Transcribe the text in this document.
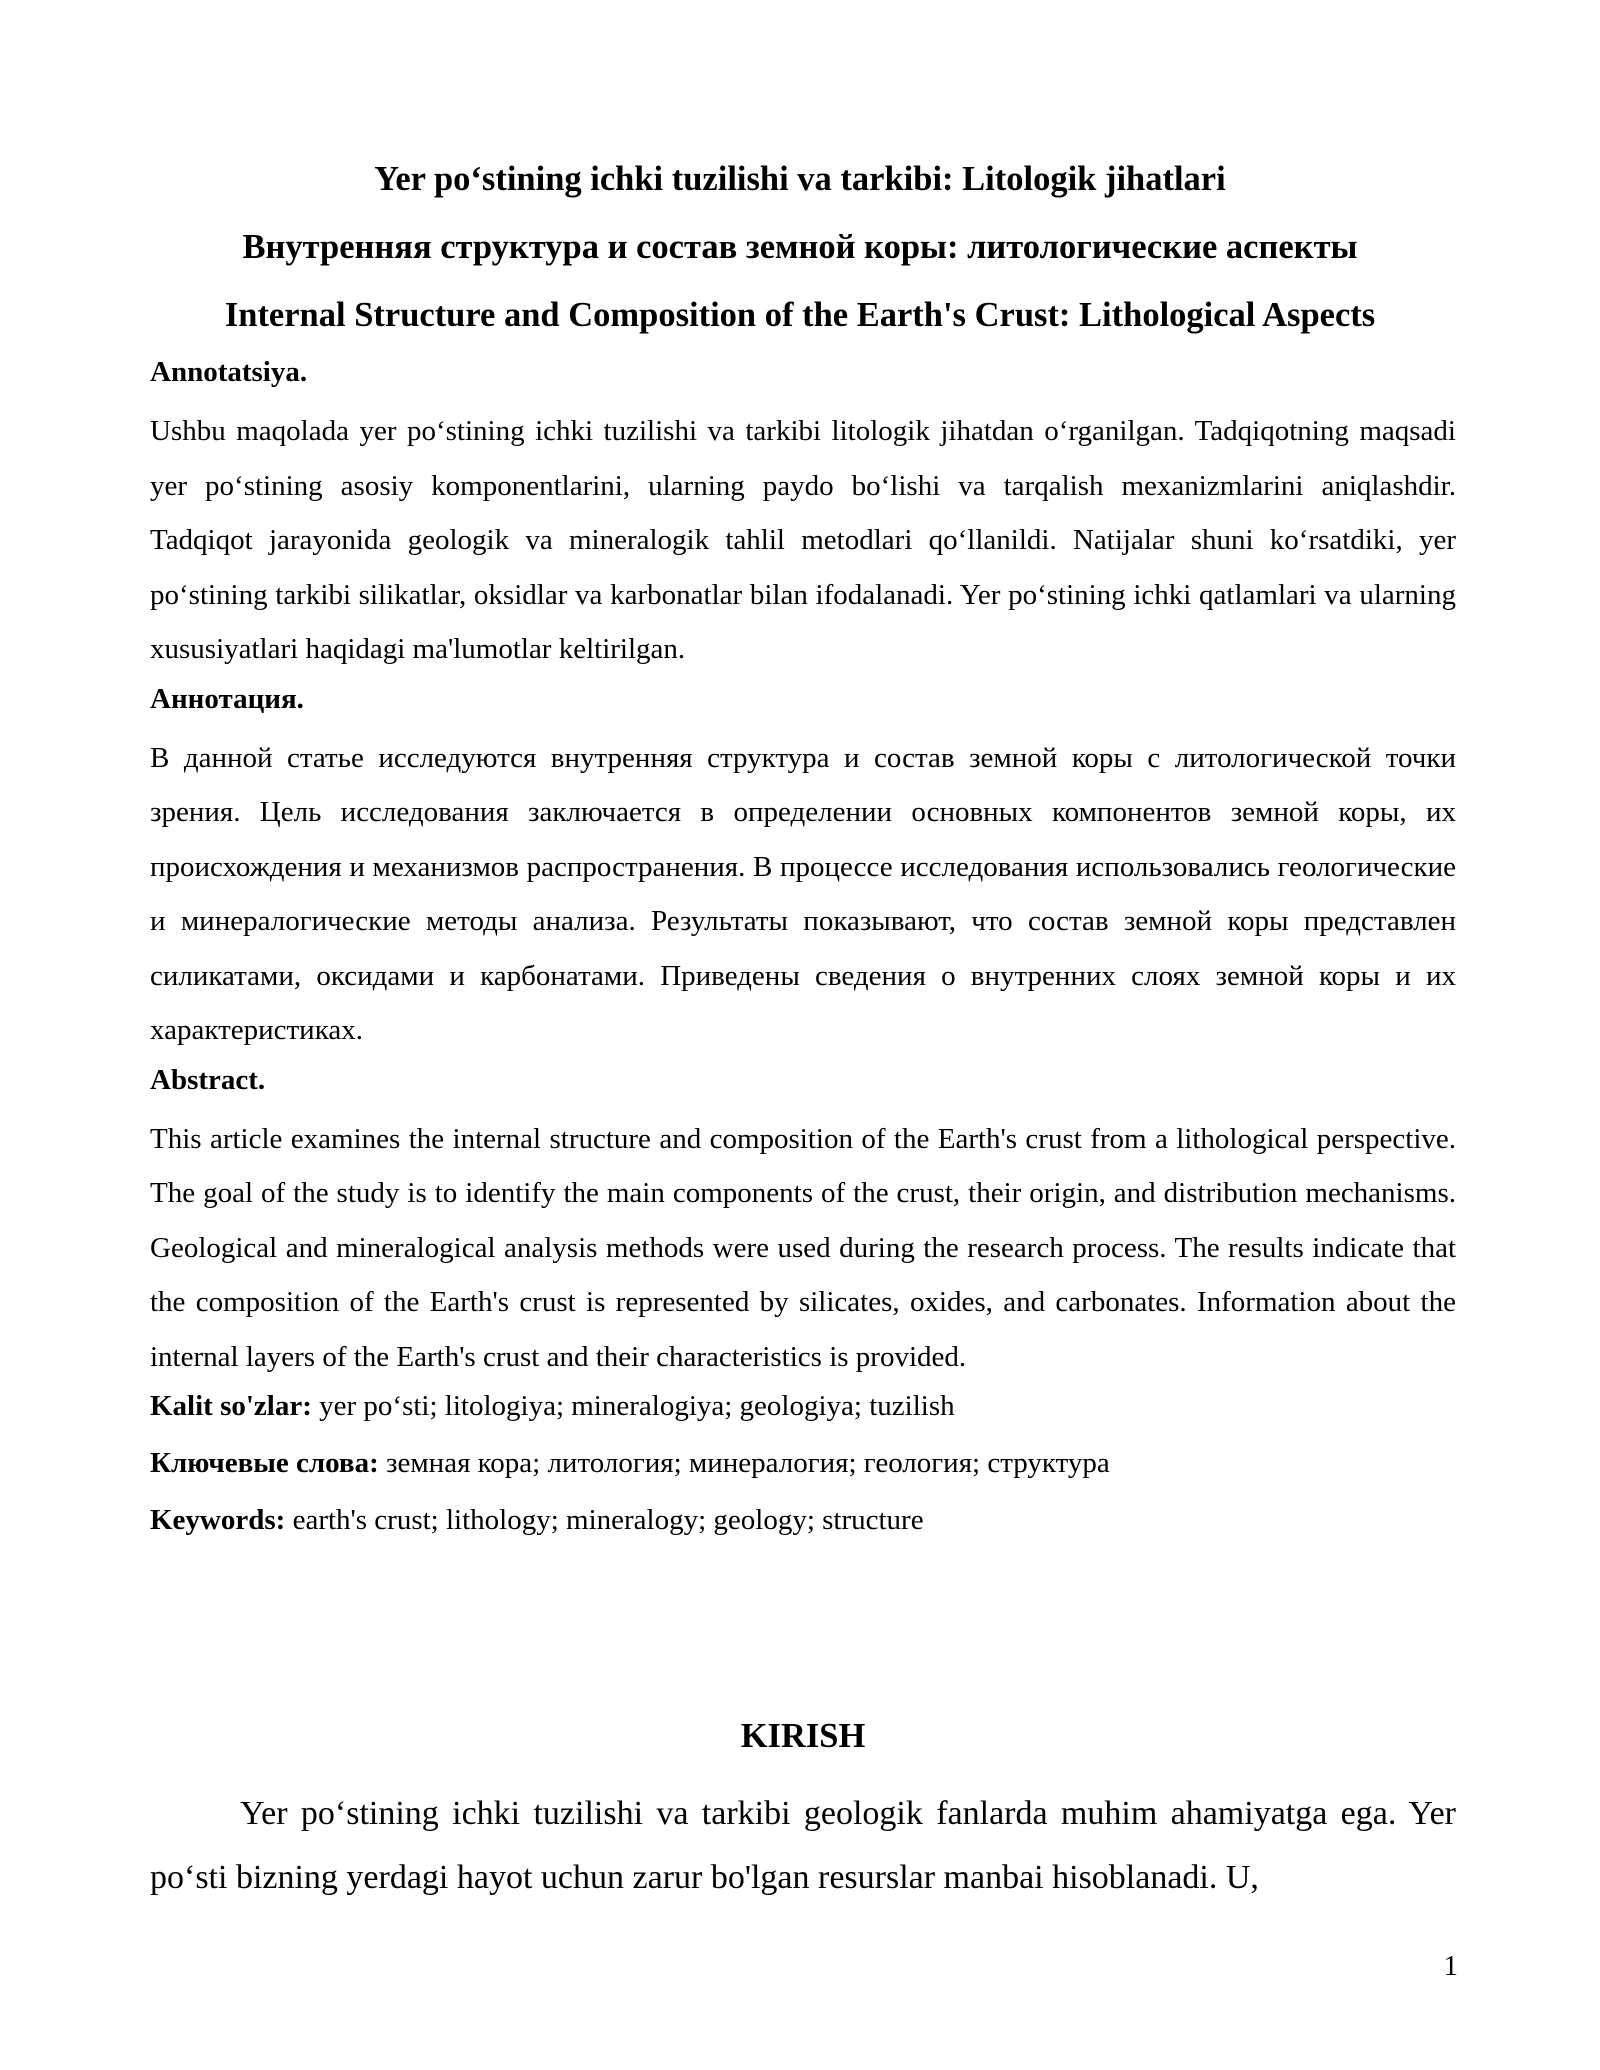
Yer po‘stining ichki tuzilishi va tarkibi: Litologik jihatlari

Внутренняя структура и состав земной коры: литологические аспекты

Internal Structure and Composition of the Earth's Crust: Lithological Aspects

Annotatsiya.

Ushbu maqolada yer po‘stining ichki tuzilishi va tarkibi litologik jihatdan o‘rganilgan. Tadqiqotning maqsadi yer po‘stining asosiy komponentlarini, ularning paydo bo‘lishi va tarqalish mexanizmlarini aniqlashdir. Tadqiqot jarayonida geologik va mineralogik tahlil metodlari qo‘llanildi. Natijalar shuni ko‘rsatdiki, yer po‘stining tarkibi silikatlar, oksidlar va karbonatlar bilan ifodalanadi. Yer po‘stining ichki qatlamlari va ularning xususiyatlari haqidagi ma'lumotlar keltirilgan.

Аннотация.

В данной статье исследуются внутренняя структура и состав земной коры с литологической точки зрения. Цель исследования заключается в определении основных компонентов земной коры, их происхождения и механизмов распространения. В процессе исследования использовались геологические и минералогические методы анализа. Результаты показывают, что состав земной коры представлен силикатами, оксидами и карбонатами. Приведены сведения о внутренних слоях земной коры и их характеристиках.

Abstract.

This article examines the internal structure and composition of the Earth's crust from a lithological perspective. The goal of the study is to identify the main components of the crust, their origin, and distribution mechanisms. Geological and mineralogical analysis methods were used during the research process. The results indicate that the composition of the Earth's crust is represented by silicates, oxides, and carbonates. Information about the internal layers of the Earth's crust and their characteristics is provided.

Kalit so'zlar: yer po‘sti; litologiya; mineralogiya; geologiya; tuzilish

Ключевые слова: земная кора; литология; минералогия; геология; структура

Keywords: earth's crust; lithology; mineralogy; geology; structure

KIRISH

Yer po‘stining ichki tuzilishi va tarkibi geologik fanlarda muhim ahamiyatga ega. Yer po‘sti bizning yerdagi hayot uchun zarur bo'lgan resurslar manbai hisoblanadi. U,

1
